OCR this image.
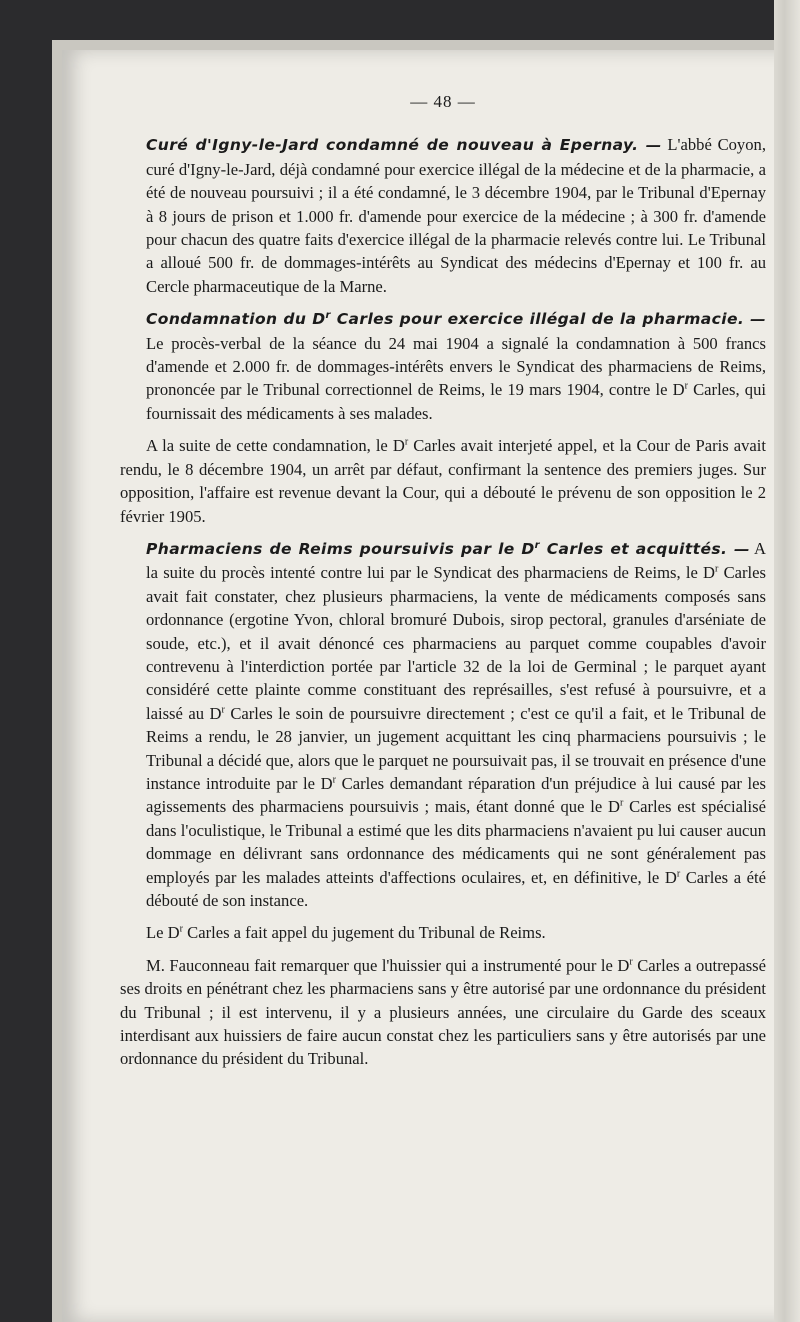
— 48 —

Curé d'Igny-le-Jard condamné de nouveau à Epernay. — L'abbé Coyon, curé d'Igny-le-Jard, déjà condamné pour exercice illégal de la médecine et de la pharmacie, a été de nouveau poursuivi ; il a été condamné, le 3 décembre 1904, par le Tribunal d'Epernay à 8 jours de prison et 1.000 fr. d'amende pour exercice de la médecine ; à 300 fr. d'amende pour chacun des quatre faits d'exercice illégal de la pharmacie relevés contre lui. Le Tribunal a alloué 500 fr. de dommages-intérêts au Syndicat des médecins d'Epernay et 100 fr. au Cercle pharmaceutique de la Marne.

Condamnation du $D^r$ Carles pour exercice illégal de la pharmacie. — Le procès-verbal de la séance du 24 mai 1904 a signalé la condamnation à 500 francs d'amende et 2.000 fr. de dommages-intérêts envers le Syndicat des pharmaciens de Reims, prononcée par le Tribunal correctionnel de Reims, le 19 mars 1904, contre le $D^r$ Carles, qui fournissait des médicaments à ses malades.

A la suite de cette condamnation, le $D^r$ Carles avait interjeté appel, et la Cour de Paris avait rendu, le 8 décembre 1904, un arrêt par défaut, confirmant la sentence des premiers juges. Sur opposition, l'affaire est revenue devant la Cour, qui a débouté le prévenu de son opposition le 2 février 1905.

Pharmaciens de Reims poursuivis par le $D^r$ Carles et acquittés. — A la suite du procès intenté contre lui par le Syndicat des pharmaciens de Reims, le $D^r$ Carles avait fait constater, chez plusieurs pharmaciens, la vente de médicaments composés sans ordonnance (ergotine Yvon, chloral bromuré Dubois, sirop pectoral, granules d'arséniate de soude, etc.), et il avait dénoncé ces pharmaciens au parquet comme coupables d'avoir contrevenu à l'interdiction portée par l'article 32 de la loi de Germinal ; le parquet ayant considéré cette plainte comme constituant des représailles, s'est refusé à poursuivre, et a laissé au $D^r$ Carles le soin de poursuivre directement ; c'est ce qu'il a fait, et le Tribunal de Reims a rendu, le 28 janvier, un jugement acquittant les cinq pharmaciens poursuivis ; le Tribunal a décidé que, alors que le parquet ne poursuivait pas, il se trouvait en présence d'une instance introduite par le $D^r$ Carles demandant réparation d'un préjudice à lui causé par les agissements des pharmaciens poursuivis ; mais, étant donné que le $D^r$ Carles est spécialisé dans l'oculistique, le Tribunal a estimé que les dits pharmaciens n'avaient pu lui causer aucun dommage en délivrant sans ordonnance des médicaments qui ne sont généralement pas employés par les malades atteints d'affections oculaires, et, en définitive, le $D^r$ Carles a été débouté de son instance.

Le $D^r$ Carles a fait appel du jugement du Tribunal de Reims.

M. Fauconneau fait remarquer que l'huissier qui a instrumenté pour le $D^r$ Carles a outrepassé ses droits en pénétrant chez les pharmaciens sans y être autorisé par une ordonnance du président du Tribunal ; il est intervenu, il y a plusieurs années, une circulaire du Garde des sceaux interdisant aux huissiers de faire aucun constat chez les particuliers sans y être autorisés par une ordonnance du président du Tribunal.
